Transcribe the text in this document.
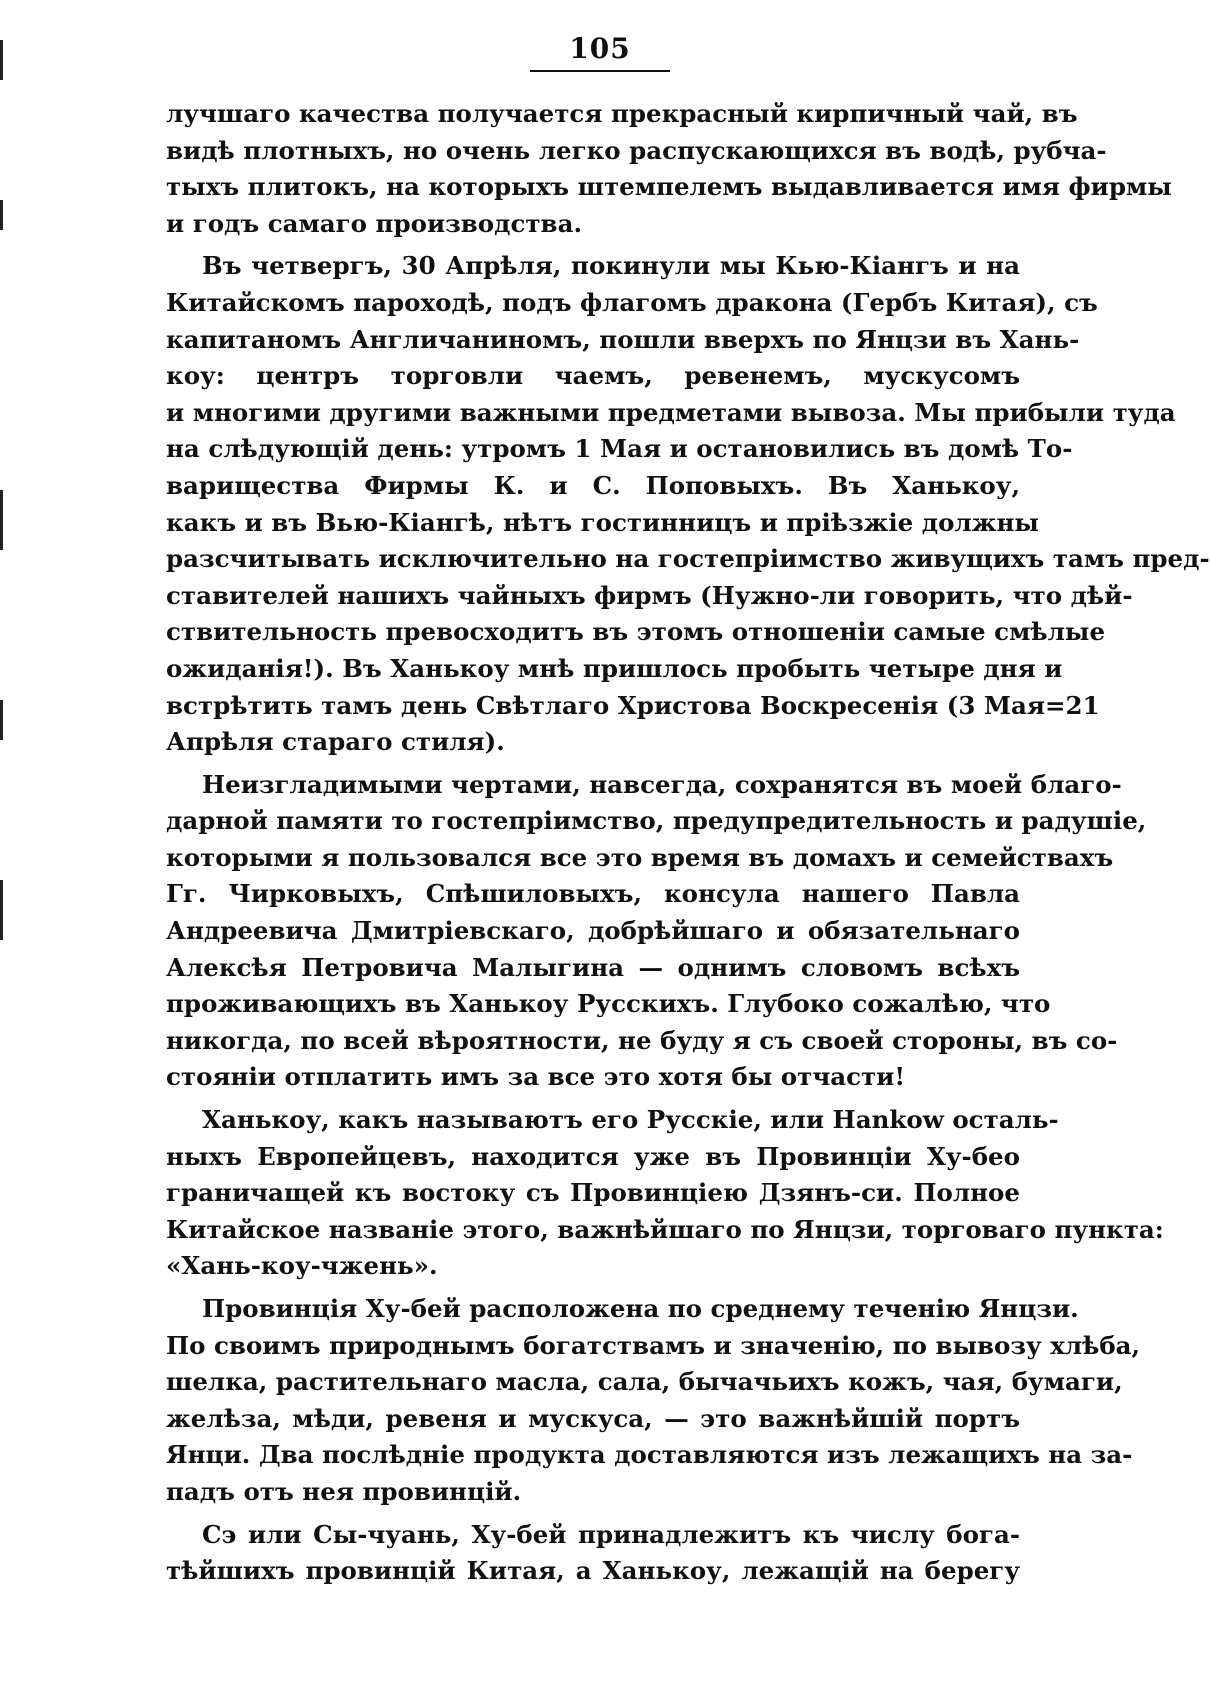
105
лучшаго качества получается прекрасный кирпичный чай, въ
видѣ плотныхъ, но очень легко распускающихся въ водѣ, рубча-
тыхъ плитокъ, на которыхъ штемпелемъ выдавливается имя фирмы
и годъ самаго производства.
Въ четвергъ, 30 Апрѣля, покинули мы Кью-Кіангъ и на
Китайскомъ пароходѣ, подъ флагомъ дракона (Гербъ Китая), съ
капитаномъ Англичаниномъ, пошли вверхъ по Янцзи въ Хань-
коу: центръ торговли чаемъ, ревенемъ, мускусомъ
и многими другими важными предметами вывоза. Мы прибыли туда
на слѣдующій день: утромъ 1 Мая и остановились въ домѣ То-
варищества Фирмы К. и С. Поповыхъ. Въ Ханькоу,
какъ и въ Вью-Кіангѣ, нѣтъ гостинницъ и пріѣзжіе должны
разсчитывать исключительно на гостепріимство живущихъ тамъ пред-
ставителей нашихъ чайныхъ фирмъ (Нужно-ли говорить, что дѣй-
ствительность превосходитъ въ этомъ отношеніи самые смѣлые
ожиданія!). Въ Ханькоу мнѣ пришлось пробыть четыре дня и
встрѣтить тамъ день Свѣтлаго Христова Воскресенія (3 Мая=21
Апрѣля стараго стиля).
Неизгладимыми чертами, навсегда, сохранятся въ моей благо-
дарной памяти то гостепріимство, предупредительность и радушіе,
которыми я пользовался все это время въ домахъ и семействахъ
Гг. Чирковыхъ, Спѣшиловыхъ, консула нашего Павла
Андреевича Дмитріевскаго, добрѣйшаго и обязательнаго
Алексѣя Петровича Малыгина — однимъ словомъ всѣхъ
проживающихъ въ Ханькоу Русскихъ. Глубоко сожалѣю, что
никогда, по всей вѣроятности, не буду я съ своей стороны, въ со-
стояніи отплатить имъ за все это хотя бы отчасти!
Ханькоу, какъ называютъ его Русскіе, или Hankow осталь-
ныхъ Европейцевъ, находится уже въ Провинціи Ху-бео
граничащей къ востоку съ Провинціею Дзянъ-си. Полное
Китайское названіе этого, важнѣйшаго по Янцзи, торговаго пункта:
«Хань-коу-чжень».
Провинція Ху-бей расположена по среднему теченію Янцзи.
По своимъ природнымъ богатствамъ и значенію, по вывозу хлѣба,
шелка, растительнаго масла, сала, бычачьихъ кожъ, чая, бумаги,
желѣза, мѣди, ревеня и мускуса, — это важнѣйшій портъ
Янци. Два послѣдніе продукта доставляются изъ лежащихъ на за-
падъ отъ нея провинцій.
Сэ или Сы-чуань, Ху-бей принадлежитъ къ числу бога-
тѣйшихъ провинцій Китая, а Ханькоу, лежащій на берегу
